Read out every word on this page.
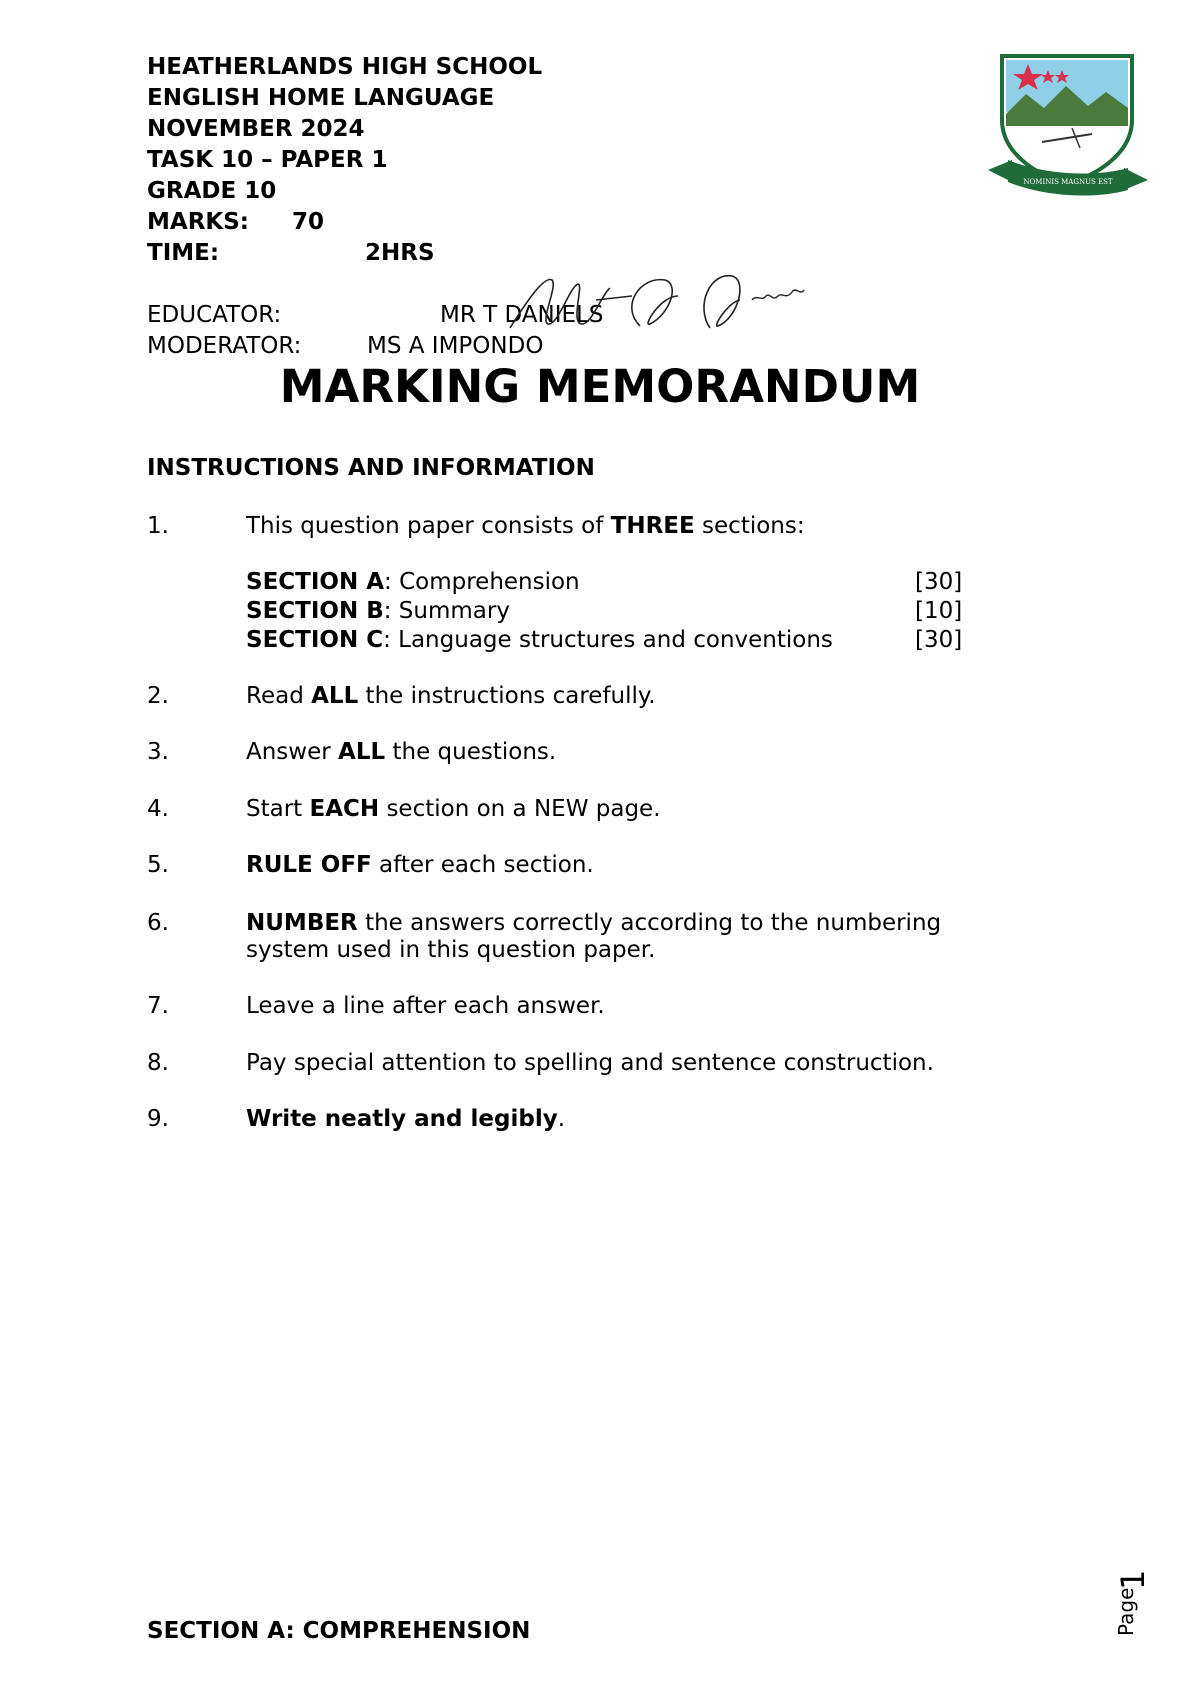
HEATHERLANDS HIGH SCHOOL
ENGLISH HOME LANGUAGE
NOVEMBER 2024
TASK 10 – PAPER 1
GRADE 10
MARKS: 70
TIME:	2HRS
EDUCATOR:	MR T DANIELS
MODERATOR:	MS A IMPONDO
NOMINIS MAGNUS EST
MARKING MEMORANDUM
INSTRUCTIONS AND INFORMATION
1.	This question paper consists of THREE sections:
SECTION A: Comprehension	[30]
SECTION B: Summary	[10]
SECTION C: Language structures and conventions	[30]
2.	Read ALL the instructions carefully.
3.	Answer ALL the questions.
4.	Start EACH section on a NEW page.
5.	RULE OFF after each section.
6.	NUMBER the answers correctly according to the numbering system used in this question paper.
7.	Leave a line after each answer.
8.	Pay special attention to spelling and sentence construction.
9.	Write neatly and legibly.
SECTION A: COMPREHENSION	Page
1
